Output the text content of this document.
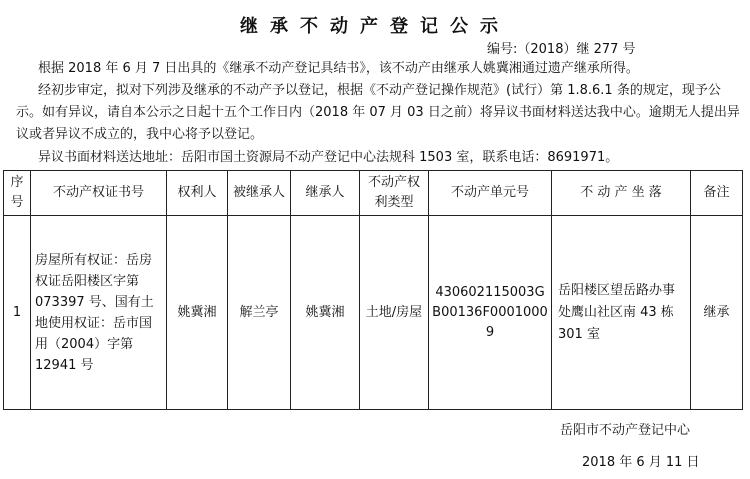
继承不动产登记公示
编号:（2018）继 277 号
根据 2018 年 6 月 7 日出具的《继承不动产登记具结书》，该不动产由继承人姚冀湘通过遗产继承所得。
经初步审定，拟对下列涉及继承的不动产予以登记，根据《不动产登记操作规范》(试行）第 1.8.6.1 条的规定，现予公示。如有异议，请自本公示之日起十五个工作日内（2018 年 07 月 03 日之前）将异议书面材料送达我中心。逾期无人提出异议或者异议不成立的，我中心将予以登记。
异议书面材料送达地址：岳阳市国土资源局不动产登记中心法规科 1503 室，联系电话：8691971。
序号	不动产权证书号	权利人	被继承人	继承人	不动产权利类型	不动产单元号	不 动 产 坐 落	备注
1	房屋所有权证：岳房权证岳阳楼区字第 073397 号、国有土地使用权证：岳市国用（2004）字第 12941 号	姚冀湘	解兰亭	姚冀湘	土地/房屋	430602115003GB00136F00010009	岳阳楼区望岳路办事处鹰山社区南 43 栋 301 室	继承
岳阳市不动产登记中心
2018 年 6 月 11 日
